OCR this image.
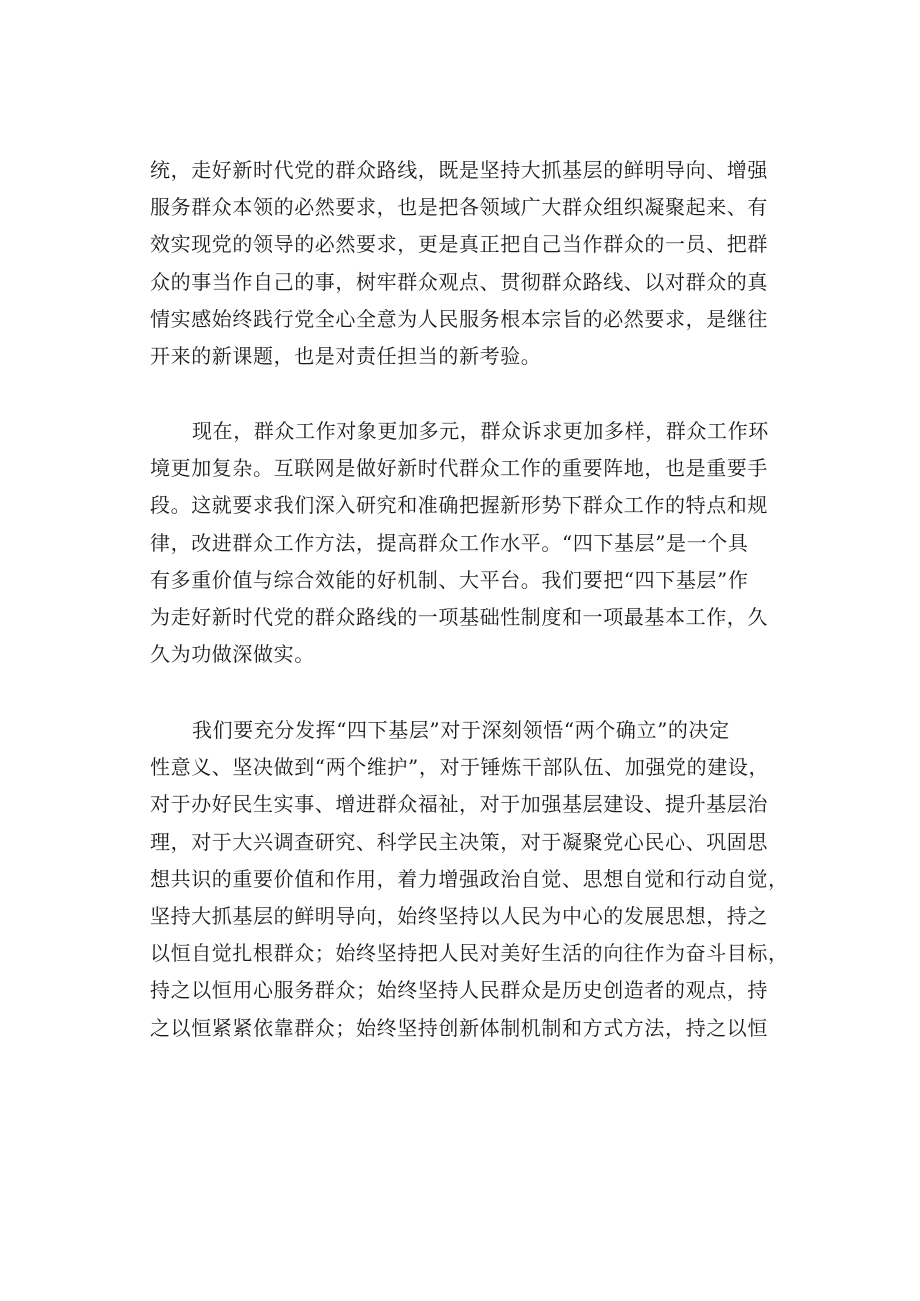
统，走好新时代党的群众路线，既是坚持大抓基层的鲜明导向、增强
服务群众本领的必然要求，也是把各领域广大群众组织凝聚起来、有
效实现党的领导的必然要求，更是真正把自己当作群众的一员、把群
众的事当作自己的事，树牢群众观点、贯彻群众路线、以对群众的真
情实感始终践行党全心全意为人民服务根本宗旨的必然要求，是继往
开来的新课题，也是对责任担当的新考验。

现在，群众工作对象更加多元，群众诉求更加多样，群众工作环
境更加复杂。互联网是做好新时代群众工作的重要阵地，也是重要手
段。这就要求我们深入研究和准确把握新形势下群众工作的特点和规
律，改进群众工作方法，提高群众工作水平。“四下基层”是一个具
有多重价值与综合效能的好机制、大平台。我们要把“四下基层”作
为走好新时代党的群众路线的一项基础性制度和一项最基本工作，久
久为功做深做实。

我们要充分发挥“四下基层”对于深刻领悟“两个确立”的决定
性意义、坚决做到“两个维护”，对于锤炼干部队伍、加强党的建设，
对于办好民生实事、增进群众福祉，对于加强基层建设、提升基层治
理，对于大兴调查研究、科学民主决策，对于凝聚党心民心、巩固思
想共识的重要价值和作用，着力增强政治自觉、思想自觉和行动自觉，
坚持大抓基层的鲜明导向，始终坚持以人民为中心的发展思想，持之
以恒自觉扎根群众；始终坚持把人民对美好生活的向往作为奋斗目标，
持之以恒用心服务群众；始终坚持人民群众是历史创造者的观点，持
之以恒紧紧依靠群众；始终坚持创新体制机制和方式方法，持之以恒
